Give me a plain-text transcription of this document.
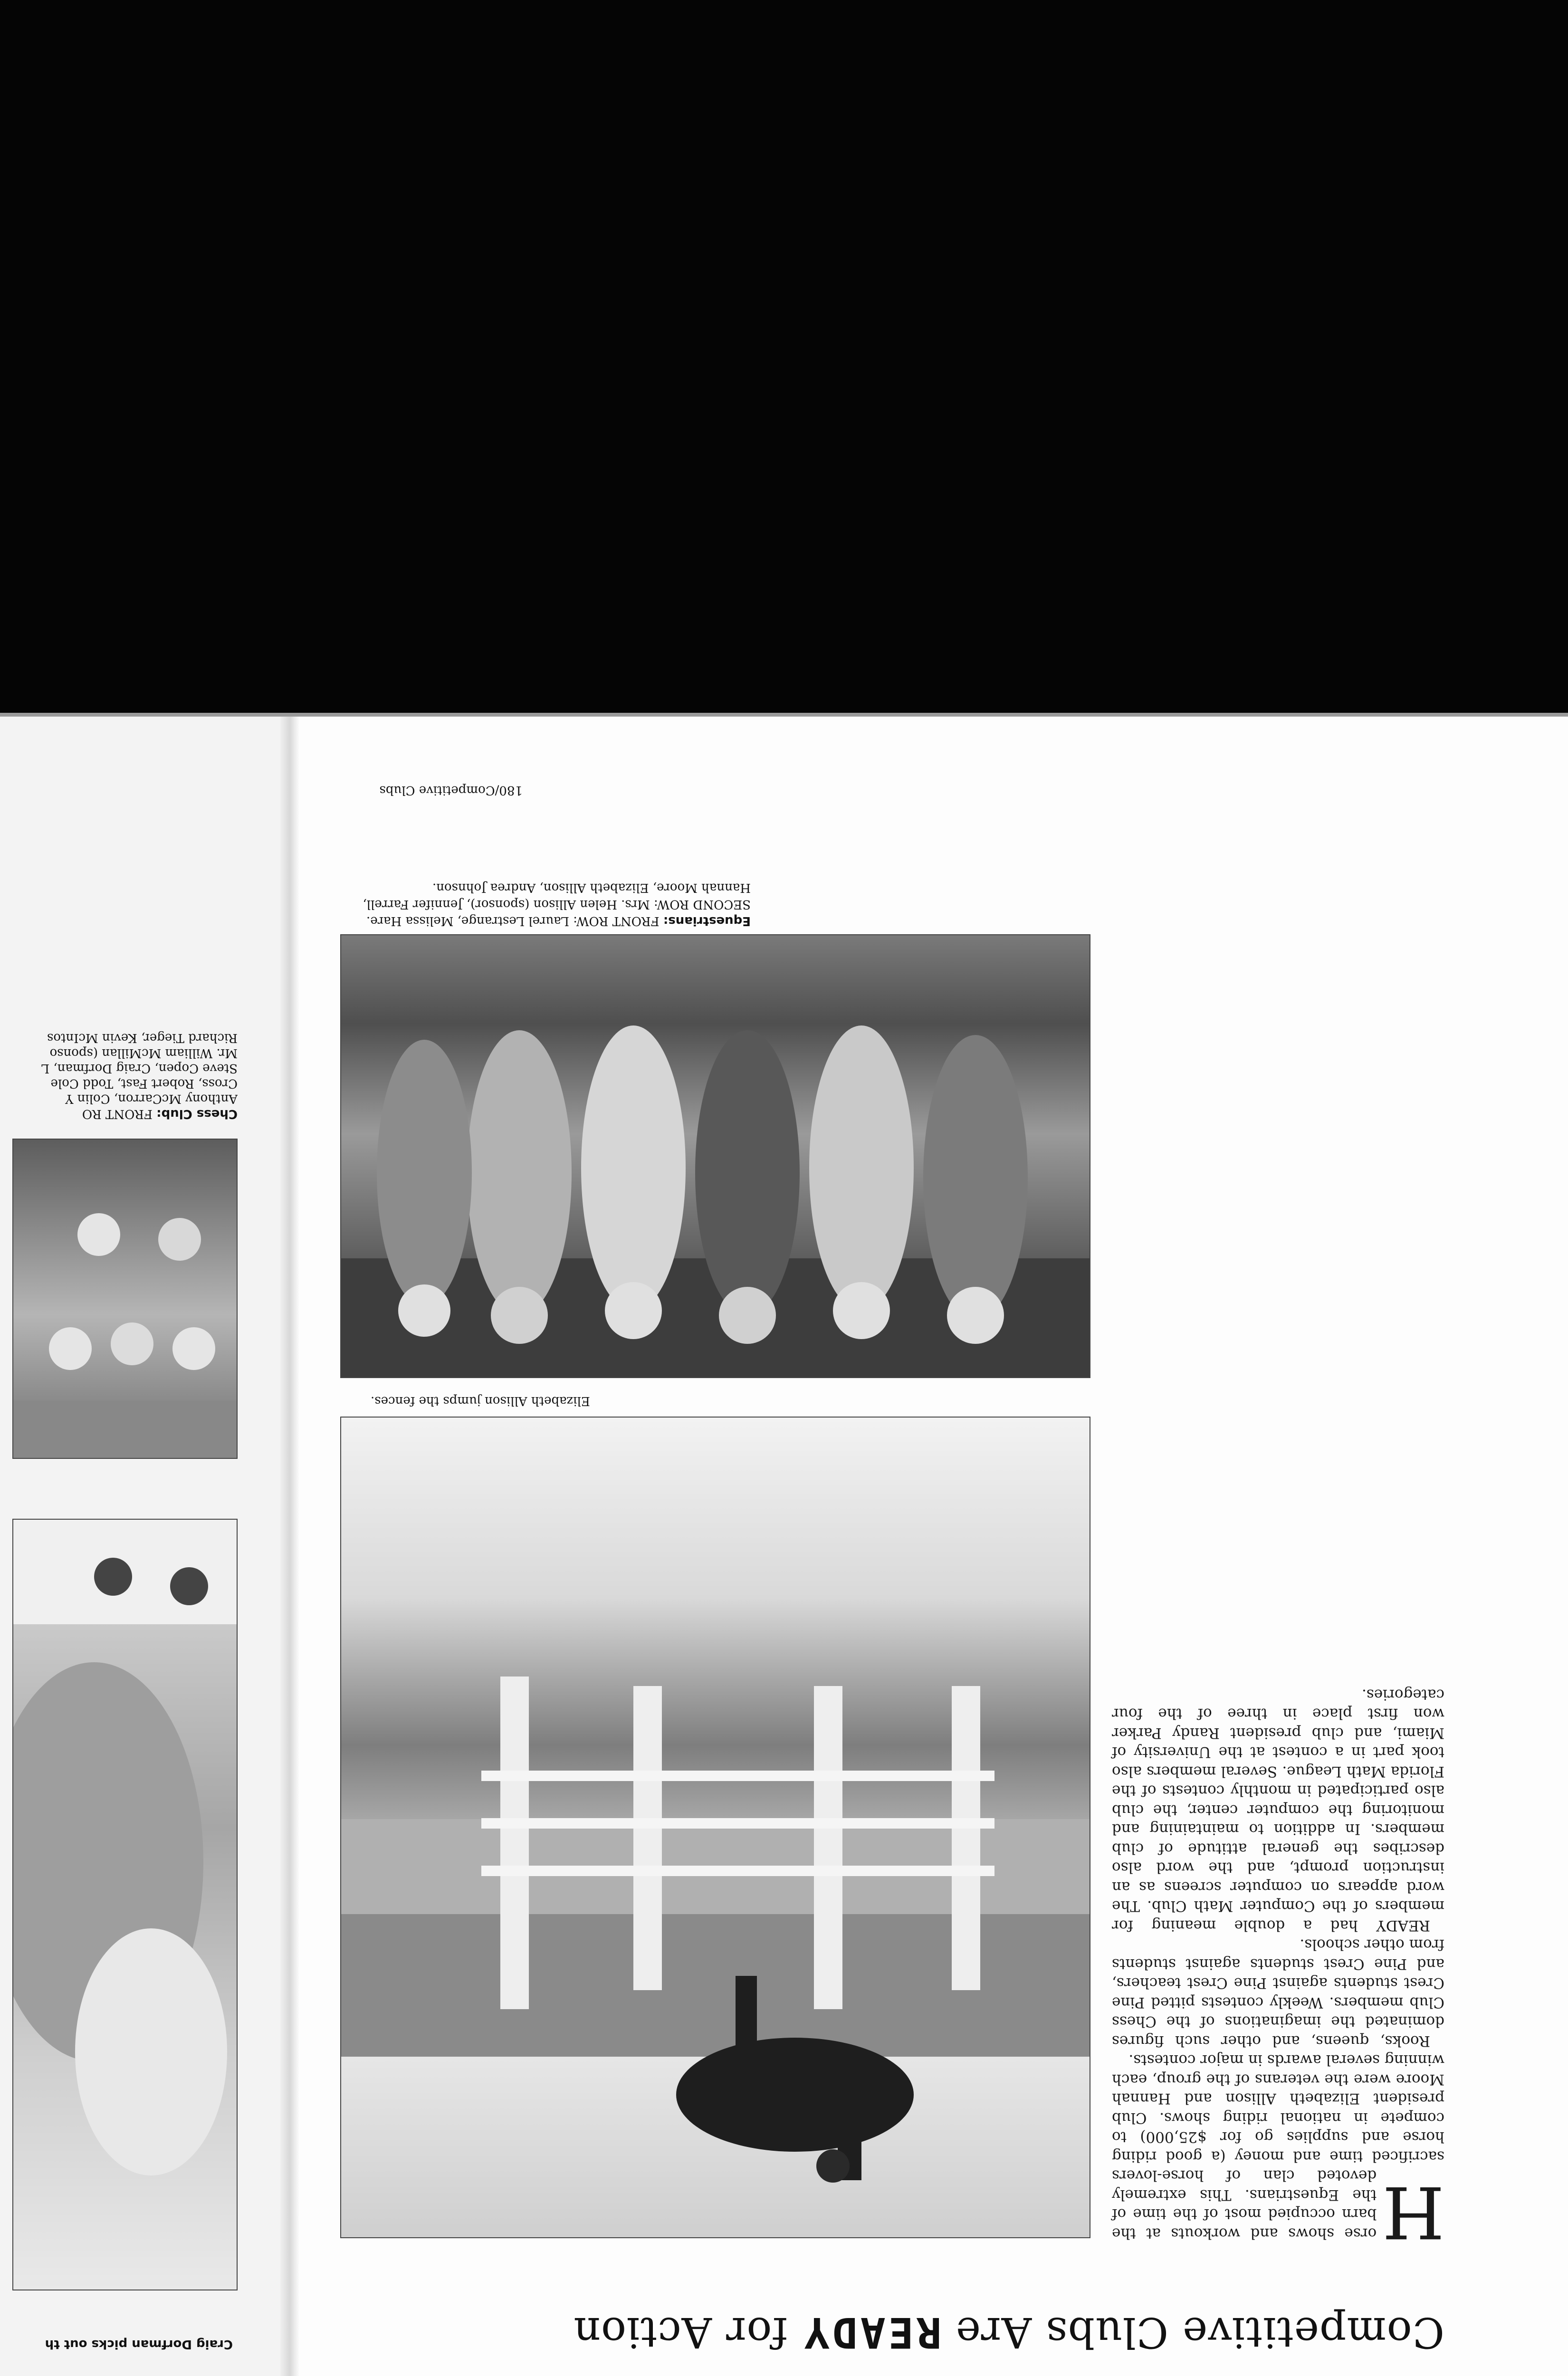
Competitive Clubs Are READY for Action
H
orse shows and workouts at the barn occupied most of the time of the Equestrians. This extremely devoted clan of horse-lovers sacrificed time and money (a good riding horse and supplies go for $25,000) to compete in national riding shows. Club president Elizabeth Allison and Hannah Moore were the veterans of the group, each winning several awards in major contests.
Rooks, queens, and other such figures dominated the imaginations of the Chess Club members. Weekly contests pitted Pine Crest students against Pine Crest teachers, and Pine Crest students against students from other schools.
READY had a double meaning for members of the Computer Math Club. The word appears on computer screens as an instruction prompt, and the word also describes the general attitude of club members. In addition to maintaining and monitoring the computer center, the club also participated in monthly contests of the Florida Math League. Several members also took part in a contest at the University of Miami, and club president Randy Parker won first place in three of the four categories.
Elizabeth Allison jumps the fences.
Equestrians: FRONT ROW: Laurel Lestrange, Melissa Hare. SECOND ROW: Mrs. Helen Allison (sponsor), Jennifer Farrell, Hannah Moore, Elizabeth Allison, Andrea Johnson.
180/Competitive Clubs
Craig Dorfman picks out th
Chess Club: FRONT RO
Anthony McCarron, Colin Y
Cross, Robert Fast, Todd Cole
Steve Copen, Craig Dorfman, L
Mr. William McMillan (sponso
Richard Tieger, Kevin McIntos
